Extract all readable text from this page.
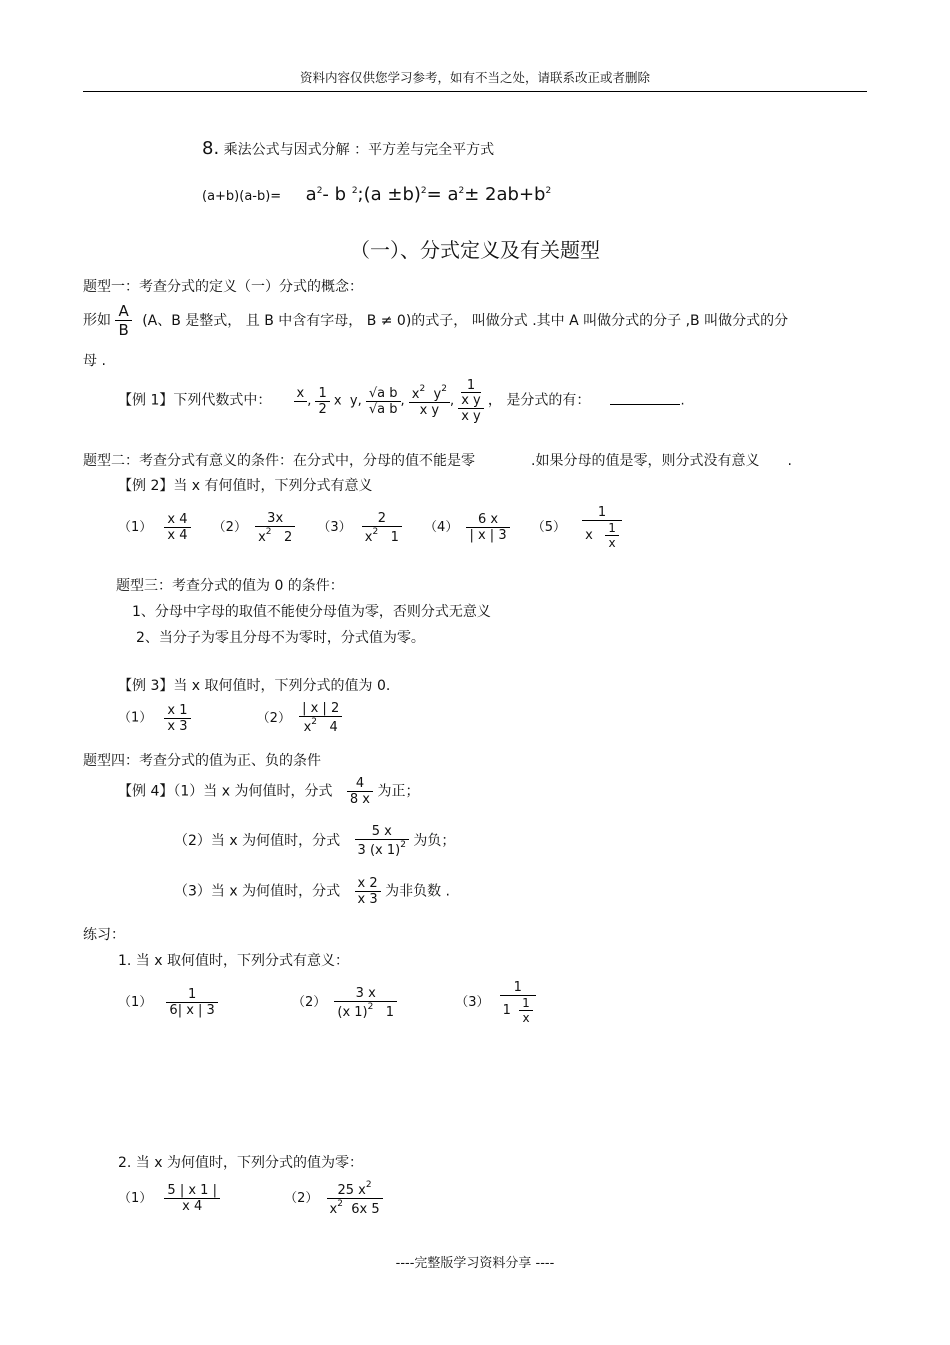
资料内容仅供您学习参考，如有不当之处，请联系改正或者删除
8. 乘法公式与因式分解 ：平方差与完全平方式
$(a+b)(a-b)= a^2-$ b $^2$;(a $\pm b)^2= a^2\pm 2ab+b^2$
（一）、分式定义及有关题型
题型一：考查分式的定义（一）分式的概念：
形如 $\frac{A}{B} (A$、B 是整式， 且 B 中含有字母， B ≠ 0)的式子， 叫做分式 .其中 A 叫做分式的分子 ,B 叫做分式的分
母 .
【例 1】下列代数式中： x

, $\frac{1}{2}$ x y, $\frac{\text{√a b}}{\text{√a b}}$ , $\frac{x^2 y^2}{\text{x y}}$ ,
1
x y
x y
， 是分式的有：	.
题型二：考查分式有意义的条件：在分式中，分母的值不能是零	.如果分母的值是零，则分式没有意义 .
【例 2】当 x 有何值时，下列分式有意义
$(1) \frac{x 4}{x 4} (2) \frac{3x}{x^2 2} (3) \frac{2}{x^2 1} (4) \frac{6 x}{| x | 3} (5) \frac{1}{x \frac{1}{x}}$
题型三：考查分式的值为 0 的条件：
1、分母中字母的取值不能使分母值为零，否则分式无意义
2、当分子为零且分母不为零时，分式值为零。
【例 3】当 x 取何值时，下列分式的值为 0.
$(1) \frac{x 1}{x 3}$	$(2) \frac{| x | 2}{x^2 4}$
题型四：考查分式的值为正、负的条件
【例 4】（1）当 x 为何值时，分式 $\frac{4}{8 x}$ 为正；
（2）当 x 为何值时，分式 $\frac{5 x}{3 (x 1)^2}$ 为负；
（3）当 x 为何值时，分式 $\frac{x 2}{x 3}$ 为非负数 .
练习：
1. 当 x 取何值时，下列分式有意义：
$(1) \frac{1}{6| x | 3}$	$(2) \frac{3 x}{(x 1)^2 1}$	$(3) \frac{1}{1 \frac{1}{x}}$
2. 当 x 为何值时，下列分式的值为零：
$(1) \frac{5 | x 1 |}{x 4}$	$(2) \frac{25 x^2}{x^2 6x 5}$
----完整版学习资料分享 ----
